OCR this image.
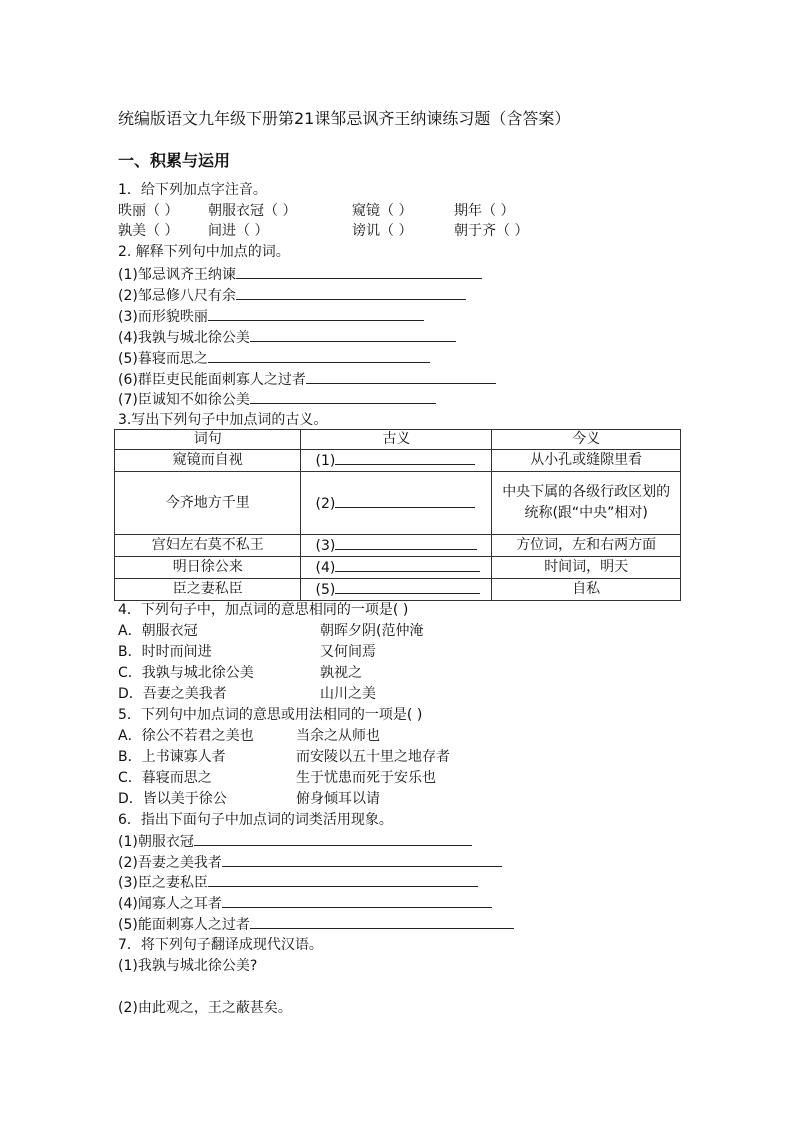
统编版语文九年级下册第21课邹忌讽齐王纳谏练习题（含答案）
一、积累与运用
1．给下列加点字注音。
昳丽（ ） 朝服衣冠（ ）	窥镜（ ）	期年（ ）
孰美（ ） 间进（ ）	谤讥（ ）	朝于齐（ ）
2. 解释下列句中加点的词。
(1)邹忌讽齐王纳谏
(2)邹忌修八尺有余
(3)而形貌昳丽
(4)我孰与城北徐公美
(5)暮寝而思之
(6)群臣吏民能面刺寡人之过者
(7)臣诚知不如徐公美
3.写出下列句子中加点词的古义。
词句	古义	今义
窥镜而自视	(1)	从小孔或缝隙里看
今齐地方千里	(2)	中央下属的各级行政区划的统称(跟“中央”相对)
宫妇左右莫不私王	(3)	方位词，左和右两方面
明日徐公来	(4)	时间词，明天
臣之妻私臣	(5)	自私
4．下列句子中，加点词的意思相同的一项是( )
A．朝服衣冠	朝晖夕阴(范仲淹
B．时时而间进	又何间焉
C．我孰与城北徐公美	孰视之
D．吾妻之美我者	山川之美
5．下列句中加点词的意思或用法相同的一项是( )
A．徐公不若君之美也	当余之从师也
B．上书谏寡人者	而安陵以五十里之地存者
C．暮寝而思之	生于忧患而死于安乐也
D．皆以美于徐公	俯身倾耳以请
6．指出下面句子中加点词的词类活用现象。
(1)朝服衣冠
(2)吾妻之美我者
(3)臣之妻私臣
(4)闻寡人之耳者
(5)能面刺寡人之过者
7．将下列句子翻译成现代汉语。
(1)我孰与城北徐公美?
(2)由此观之，王之蔽甚矣。
